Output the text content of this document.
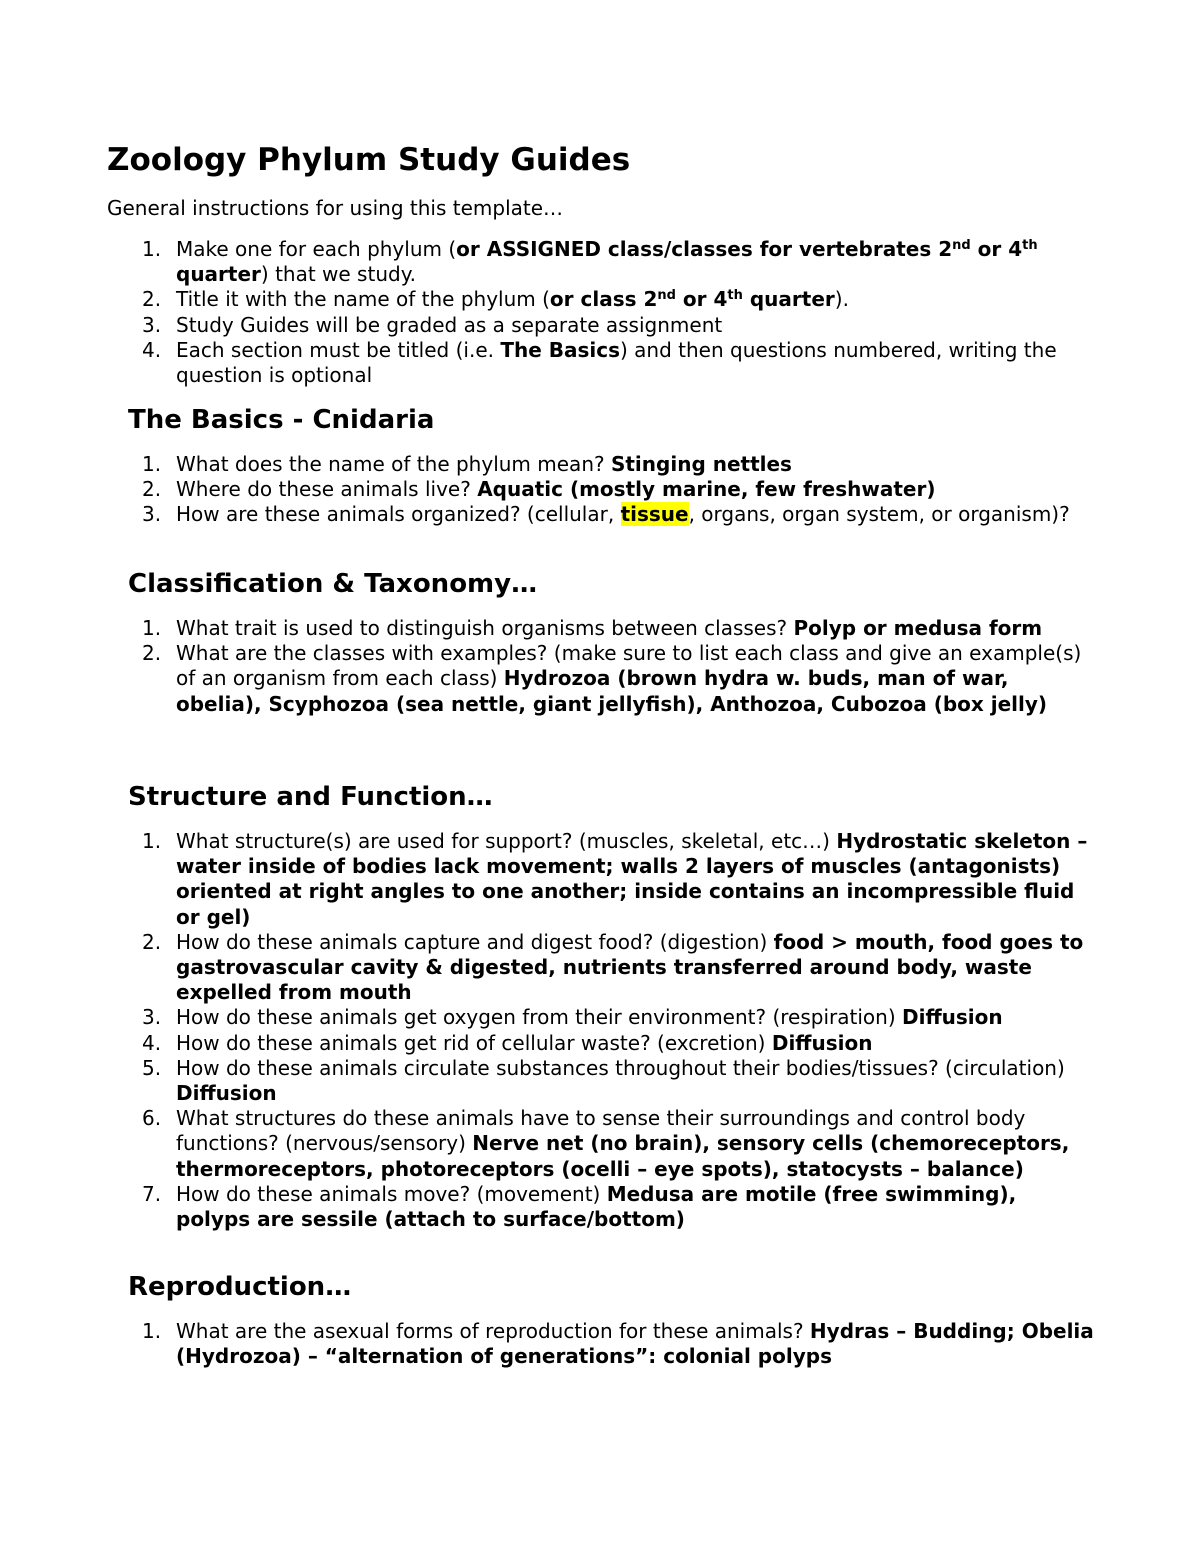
Zoology Phylum Study Guides

General instructions for using this template…

1. Make one for each phylum (or ASSIGNED class/classes for vertebrates 2nd or 4th quarter) that we study.
2. Title it with the name of the phylum (or class 2nd or 4th quarter).
3. Study Guides will be graded as a separate assignment
4. Each section must be titled (i.e. The Basics) and then questions numbered, writing the question is optional
The Basics - Cnidaria
1. What does the name of the phylum mean? Stinging nettles
2. Where do these animals live? Aquatic (mostly marine, few freshwater)
3. How are these animals organized? (cellular, tissue, organs, organ system, or organism)?
Classification & Taxonomy…
1. What trait is used to distinguish organisms between classes? Polyp or medusa form
2. What are the classes with examples? (make sure to list each class and give an example(s) of an organism from each class) Hydrozoa (brown hydra w. buds, man of war, obelia), Scyphozoa (sea nettle, giant jellyfish), Anthozoa, Cubozoa (box jelly)
Structure and Function…
1. What structure(s) are used for support? (muscles, skeletal, etc…) Hydrostatic skeleton – water inside of bodies lack movement; walls 2 layers of muscles (antagonists) oriented at right angles to one another; inside contains an incompressible fluid or gel)
2. How do these animals capture and digest food? (digestion) food > mouth, food goes to gastrovascular cavity & digested, nutrients transferred around body, waste expelled from mouth
3. How do these animals get oxygen from their environment? (respiration) Diffusion
4. How do these animals get rid of cellular waste? (excretion) Diffusion
5. How do these animals circulate substances throughout their bodies/tissues? (circulation) Diffusion
6. What structures do these animals have to sense their surroundings and control body functions? (nervous/sensory) Nerve net (no brain), sensory cells (chemoreceptors, thermoreceptors, photoreceptors (ocelli – eye spots), statocysts – balance)
7. How do these animals move? (movement) Medusa are motile (free swimming), polyps are sessile (attach to surface/bottom)
Reproduction…
1. What are the asexual forms of reproduction for these animals? Hydras – Budding; Obelia (Hydrozoa) – “alternation of generations”: colonial polyps
